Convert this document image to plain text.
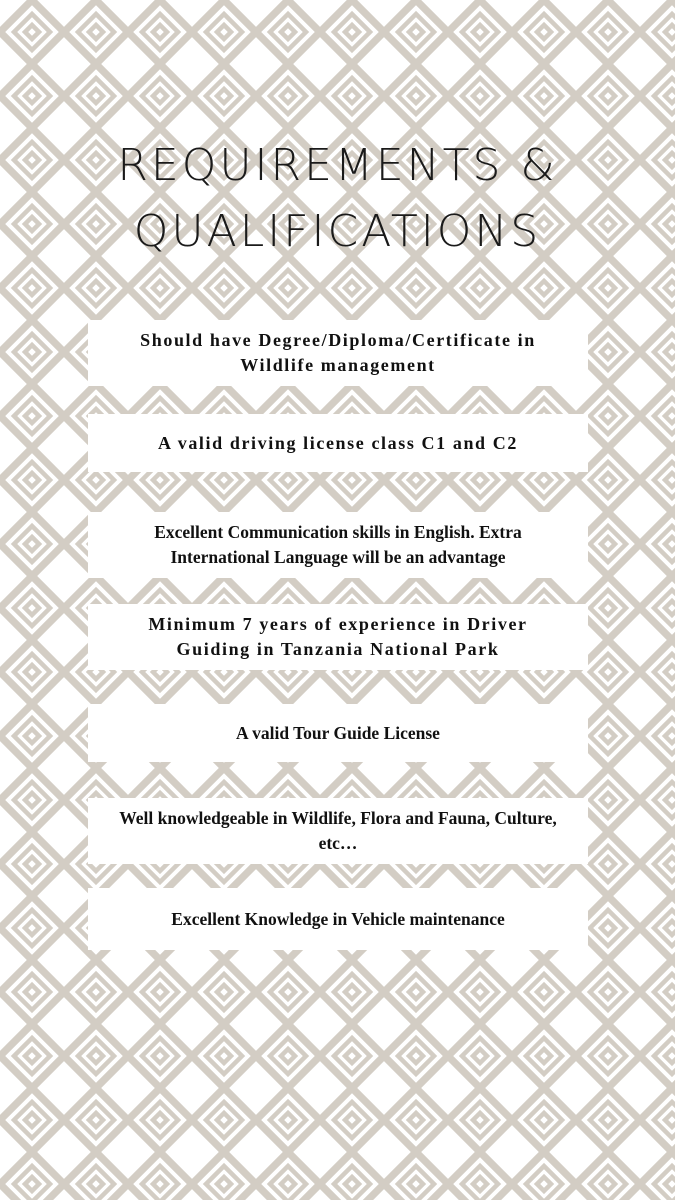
REQUIREMENTS &
QUALIFICATIONS
Should have Degree/Diploma/Certificate in Wildlife management
A valid driving license class C1 and C2
Excellent Communication skills in English. Extra International Language will be an advantage
Minimum 7 years of experience in Driver Guiding in Tanzania National Park
A valid Tour Guide License
Well knowledgeable in Wildlife, Flora and Fauna, Culture, etc…
Excellent Knowledge in Vehicle maintenance
